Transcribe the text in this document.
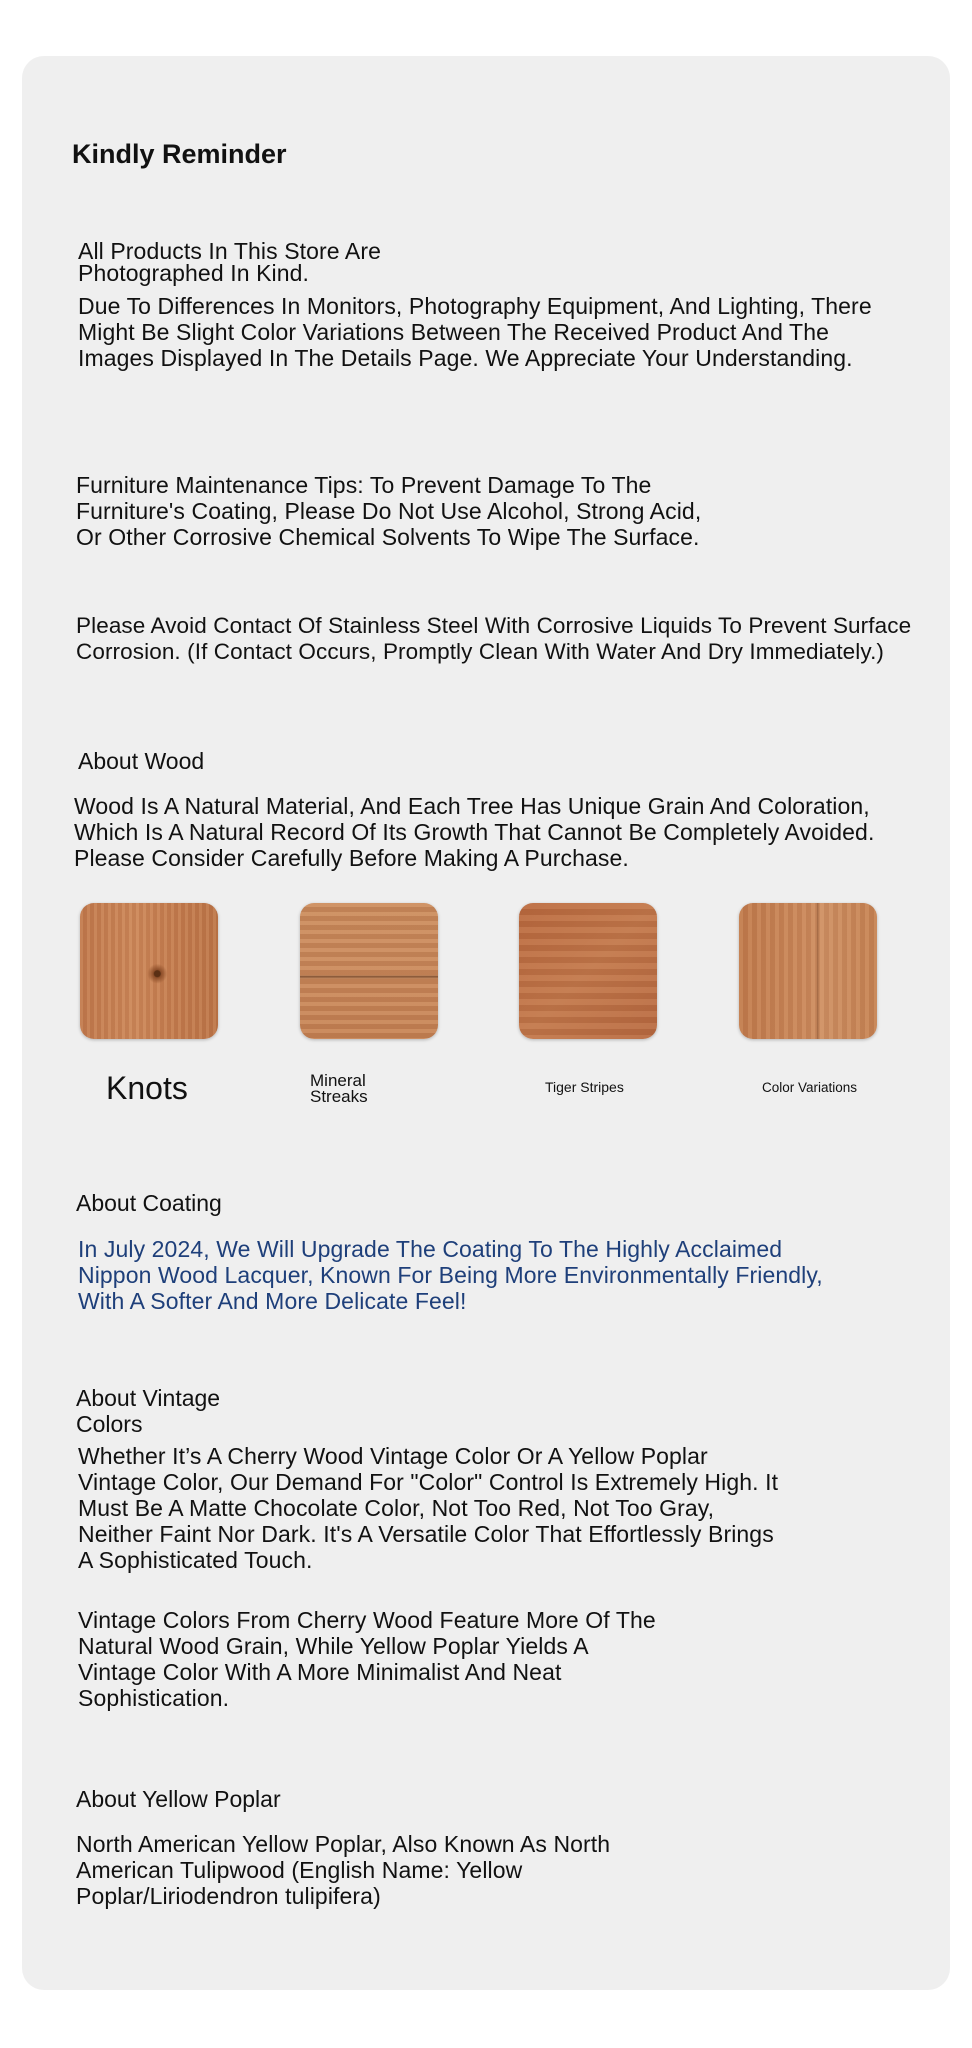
Kindly Reminder
All Products In This Store Are
Photographed In Kind.
Due To Differences In Monitors, Photography Equipment, And Lighting, There
Might Be Slight Color Variations Between The Received Product And The
Images Displayed In The Details Page. We Appreciate Your Understanding.
Furniture Maintenance Tips: To Prevent Damage To The
Furniture's Coating, Please Do Not Use Alcohol, Strong Acid,
Or Other Corrosive Chemical Solvents To Wipe The Surface.
Please Avoid Contact Of Stainless Steel With Corrosive Liquids To Prevent Surface
Corrosion. (If Contact Occurs, Promptly Clean With Water And Dry Immediately.)
About Wood
Wood Is A Natural Material, And Each Tree Has Unique Grain And Coloration,
Which Is A Natural Record Of Its Growth That Cannot Be Completely Avoided.
Please Consider Carefully Before Making A Purchase.
Knots	Mineral
Streaks	Tiger Stripes	Color Variations
About Coating
In July 2024, We Will Upgrade The Coating To The Highly Acclaimed
Nippon Wood Lacquer, Known For Being More Environmentally Friendly,
With A Softer And More Delicate Feel!
About Vintage
Colors
Whether It’s A Cherry Wood Vintage Color Or A Yellow Poplar
Vintage Color, Our Demand For "Color" Control Is Extremely High. It
Must Be A Matte Chocolate Color, Not Too Red, Not Too Gray,
Neither Faint Nor Dark. It's A Versatile Color That Effortlessly Brings
A Sophisticated Touch.
Vintage Colors From Cherry Wood Feature More Of The
Natural Wood Grain, While Yellow Poplar Yields A
Vintage Color With A More Minimalist And Neat
Sophistication.
About Yellow Poplar
North American Yellow Poplar, Also Known As North
American Tulipwood (English Name: Yellow
Poplar/Liriodendron tulipifera)
